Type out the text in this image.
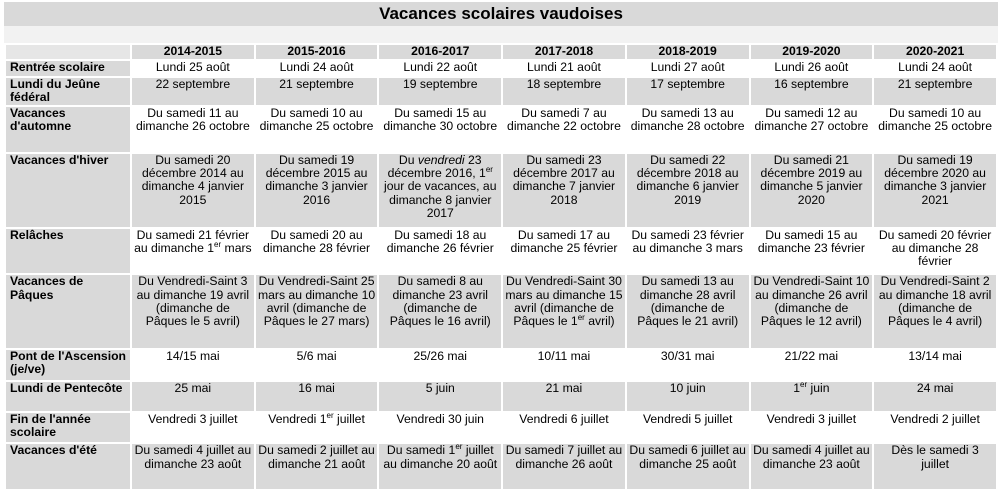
Vacances scolaires vaudoises
	2014-2015	2015-2016	2016-2017	2017-2018	2018-2019	2019-2020	2020-2021
Rentrée scolaire	Lundi 25 août	Lundi 24 août	Lundi 22 août	Lundi 21 août	Lundi 27 août	Lundi 26 août	Lundi 24 août
Lundi du Jeûne fédéral	22 septembre	21 septembre	19 septembre	18 septembre	17 septembre	16 septembre	21 septembre
Vacances d'automne	Du samedi 11 au dimanche 26 octobre	Du samedi 10 au dimanche 25 octobre	Du samedi 15 au dimanche 30 octobre	Du samedi 7 au dimanche 22 octobre	Du samedi 13 au dimanche 28 octobre	Du samedi 12 au dimanche 27 octobre	Du samedi 10 au dimanche 25 octobre
Vacances d'hiver	Du samedi 20 décembre 2014 au dimanche 4 janvier 2015	Du samedi 19 décembre 2015 au dimanche 3 janvier 2016	Du vendredi 23 décembre 2016, 1er jour de vacances, au dimanche 8 janvier 2017	Du samedi 23 décembre 2017 au dimanche 7 janvier 2018	Du samedi 22 décembre 2018 au dimanche 6 janvier 2019	Du samedi 21 décembre 2019 au dimanche 5 janvier 2020	Du samedi 19 décembre 2020 au dimanche 3 janvier 2021
Relâches	Du samedi 21 février au dimanche 1er mars	Du samedi 20 au dimanche 28 février	Du samedi 18 au dimanche 26 février	Du samedi 17 au dimanche 25 février	Du samedi 23 février au dimanche 3 mars	Du samedi 15 au dimanche 23 février	Du samedi 20 février au dimanche 28 février
Vacances de Pâques	Du Vendredi-Saint 3 au dimanche 19 avril (dimanche de Pâques le 5 avril)	Du Vendredi-Saint 25 mars au dimanche 10 avril (dimanche de Pâques le 27 mars)	Du samedi 8 au dimanche 23 avril (dimanche de Pâques le 16 avril)	Du Vendredi-Saint 30 mars au dimanche 15 avril (dimanche de Pâques le 1er avril)	Du samedi 13 au dimanche 28 avril (dimanche de Pâques le 21 avril)	Du Vendredi-Saint 10 au dimanche 26 avril (dimanche de Pâques le 12 avril)	Du Vendredi-Saint 2 au dimanche 18 avril (dimanche de Pâques le 4 avril)
Pont de l'Ascension (je/ve)	14/15 mai	5/6 mai	25/26 mai	10/11 mai	30/31 mai	21/22 mai	13/14 mai
Lundi de Pentecôte	25 mai	16 mai	5 juin	21 mai	10 juin	1er juin	24 mai
Fin de l'année scolaire	Vendredi 3 juillet	Vendredi 1er juillet	Vendredi 30 juin	Vendredi 6 juillet	Vendredi 5 juillet	Vendredi 3 juillet	Vendredi 2 juillet
Vacances d'été	Du samedi 4 juillet au dimanche 23 août	Du samedi 2 juillet au dimanche 21 août	Du samedi 1er juillet au dimanche 20 août	Du samedi 7 juillet au dimanche 26 août	Du samedi 6 juillet au dimanche 25 août	Du samedi 4 juillet au dimanche 23 août	Dès le samedi 3 juillet
